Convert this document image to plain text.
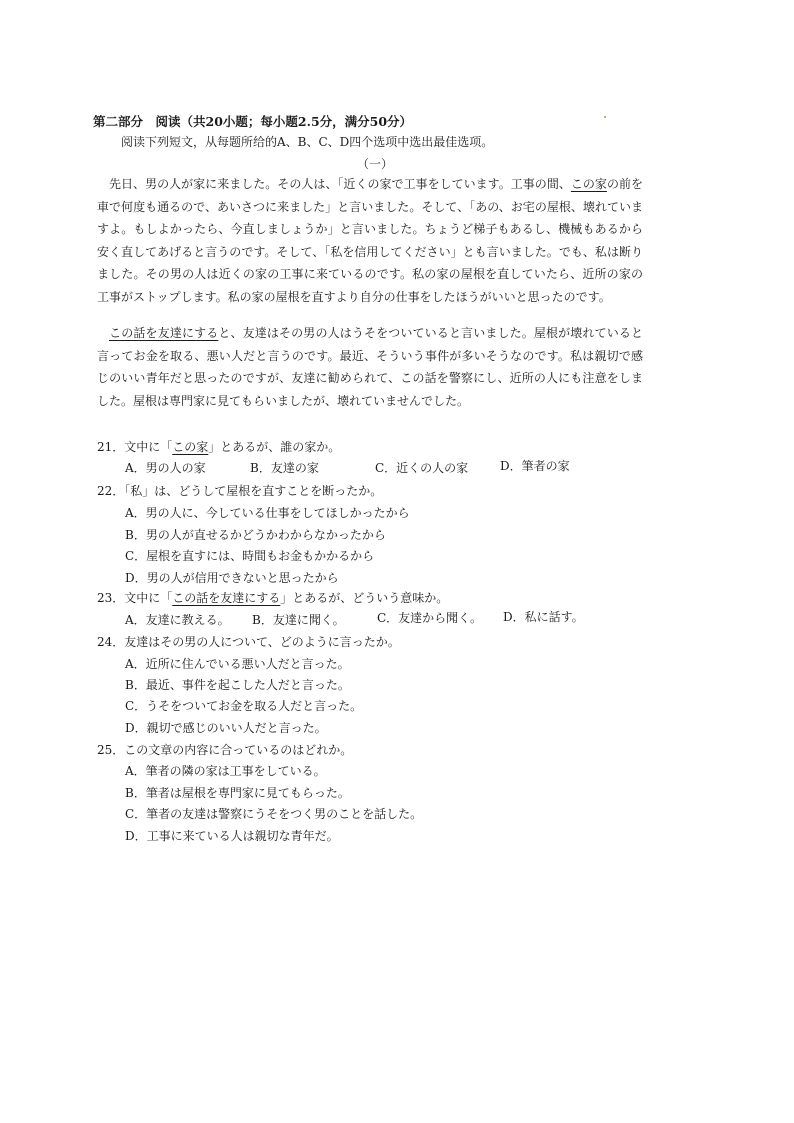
第二部分　阅读（共20小题；每小题2.5分，满分50分）
阅读下列短文，从每题所给的A、B、C、D四个选项中选出最佳选项。
（一）
先日、男の人が家に来ました。その人は、「近くの家で工事をしています。工事の間、この家の前を車で何度も通るので、あいさつに来ました」と言いました。そして、「あの、お宅の屋根、壊れていますよ。もしよかったら、今直しましょうか」と言いました。ちょうど梯子もあるし、機械もあるから安く直してあげると言うのです。そして、「私を信用してください」とも言いました。でも、私は断りました。その男の人は近くの家の工事に来ているのです。私の家の屋根を直していたら、近所の家の工事がストップします。私の家の屋根を直すより自分の仕事をしたほうがいいと思ったのです。
この話を友達にすると、友達はその男の人はうそをついていると言いました。屋根が壊れていると言ってお金を取る、悪い人だと言うのです。最近、そういう事件が多いそうなのです。私は親切で感じのいい青年だと思ったのですが、友達に勧められて、この話を警察にし、近所の人にも注意をしました。屋根は専門家に見てもらいましたが、壊れていませんでした。
21．文中に「この家」とあるが、誰の家か。
A．男の人の家	B．友達の家	C．近くの人の家	D．筆者の家
22．「私」は、どうして屋根を直すことを断ったか。
A．男の人に、今している仕事をしてほしかったから
B．男の人が直せるかどうかわからなかったから
C．屋根を直すには、時間もお金もかかるから
D．男の人が信用できないと思ったから
23．文中に「この話を友達にする」とあるが、どういう意味か。
A．友達に教える。 B．友達に聞く。	C．友達から聞く。 D．私に話す。
24．友達はその男の人について、どのように言ったか。
A．近所に住んでいる悪い人だと言った。
B．最近、事件を起こした人だと言った。
C．うそをついてお金を取る人だと言った。
D．親切で感じのいい人だと言った。
25．この文章の内容に合っているのはどれか。
A．筆者の隣の家は工事をしている。
B．筆者は屋根を専門家に見てもらった。
C．筆者の友達は警察にうそをつく男のことを話した。
D．工事に来ている人は親切な青年だ。
